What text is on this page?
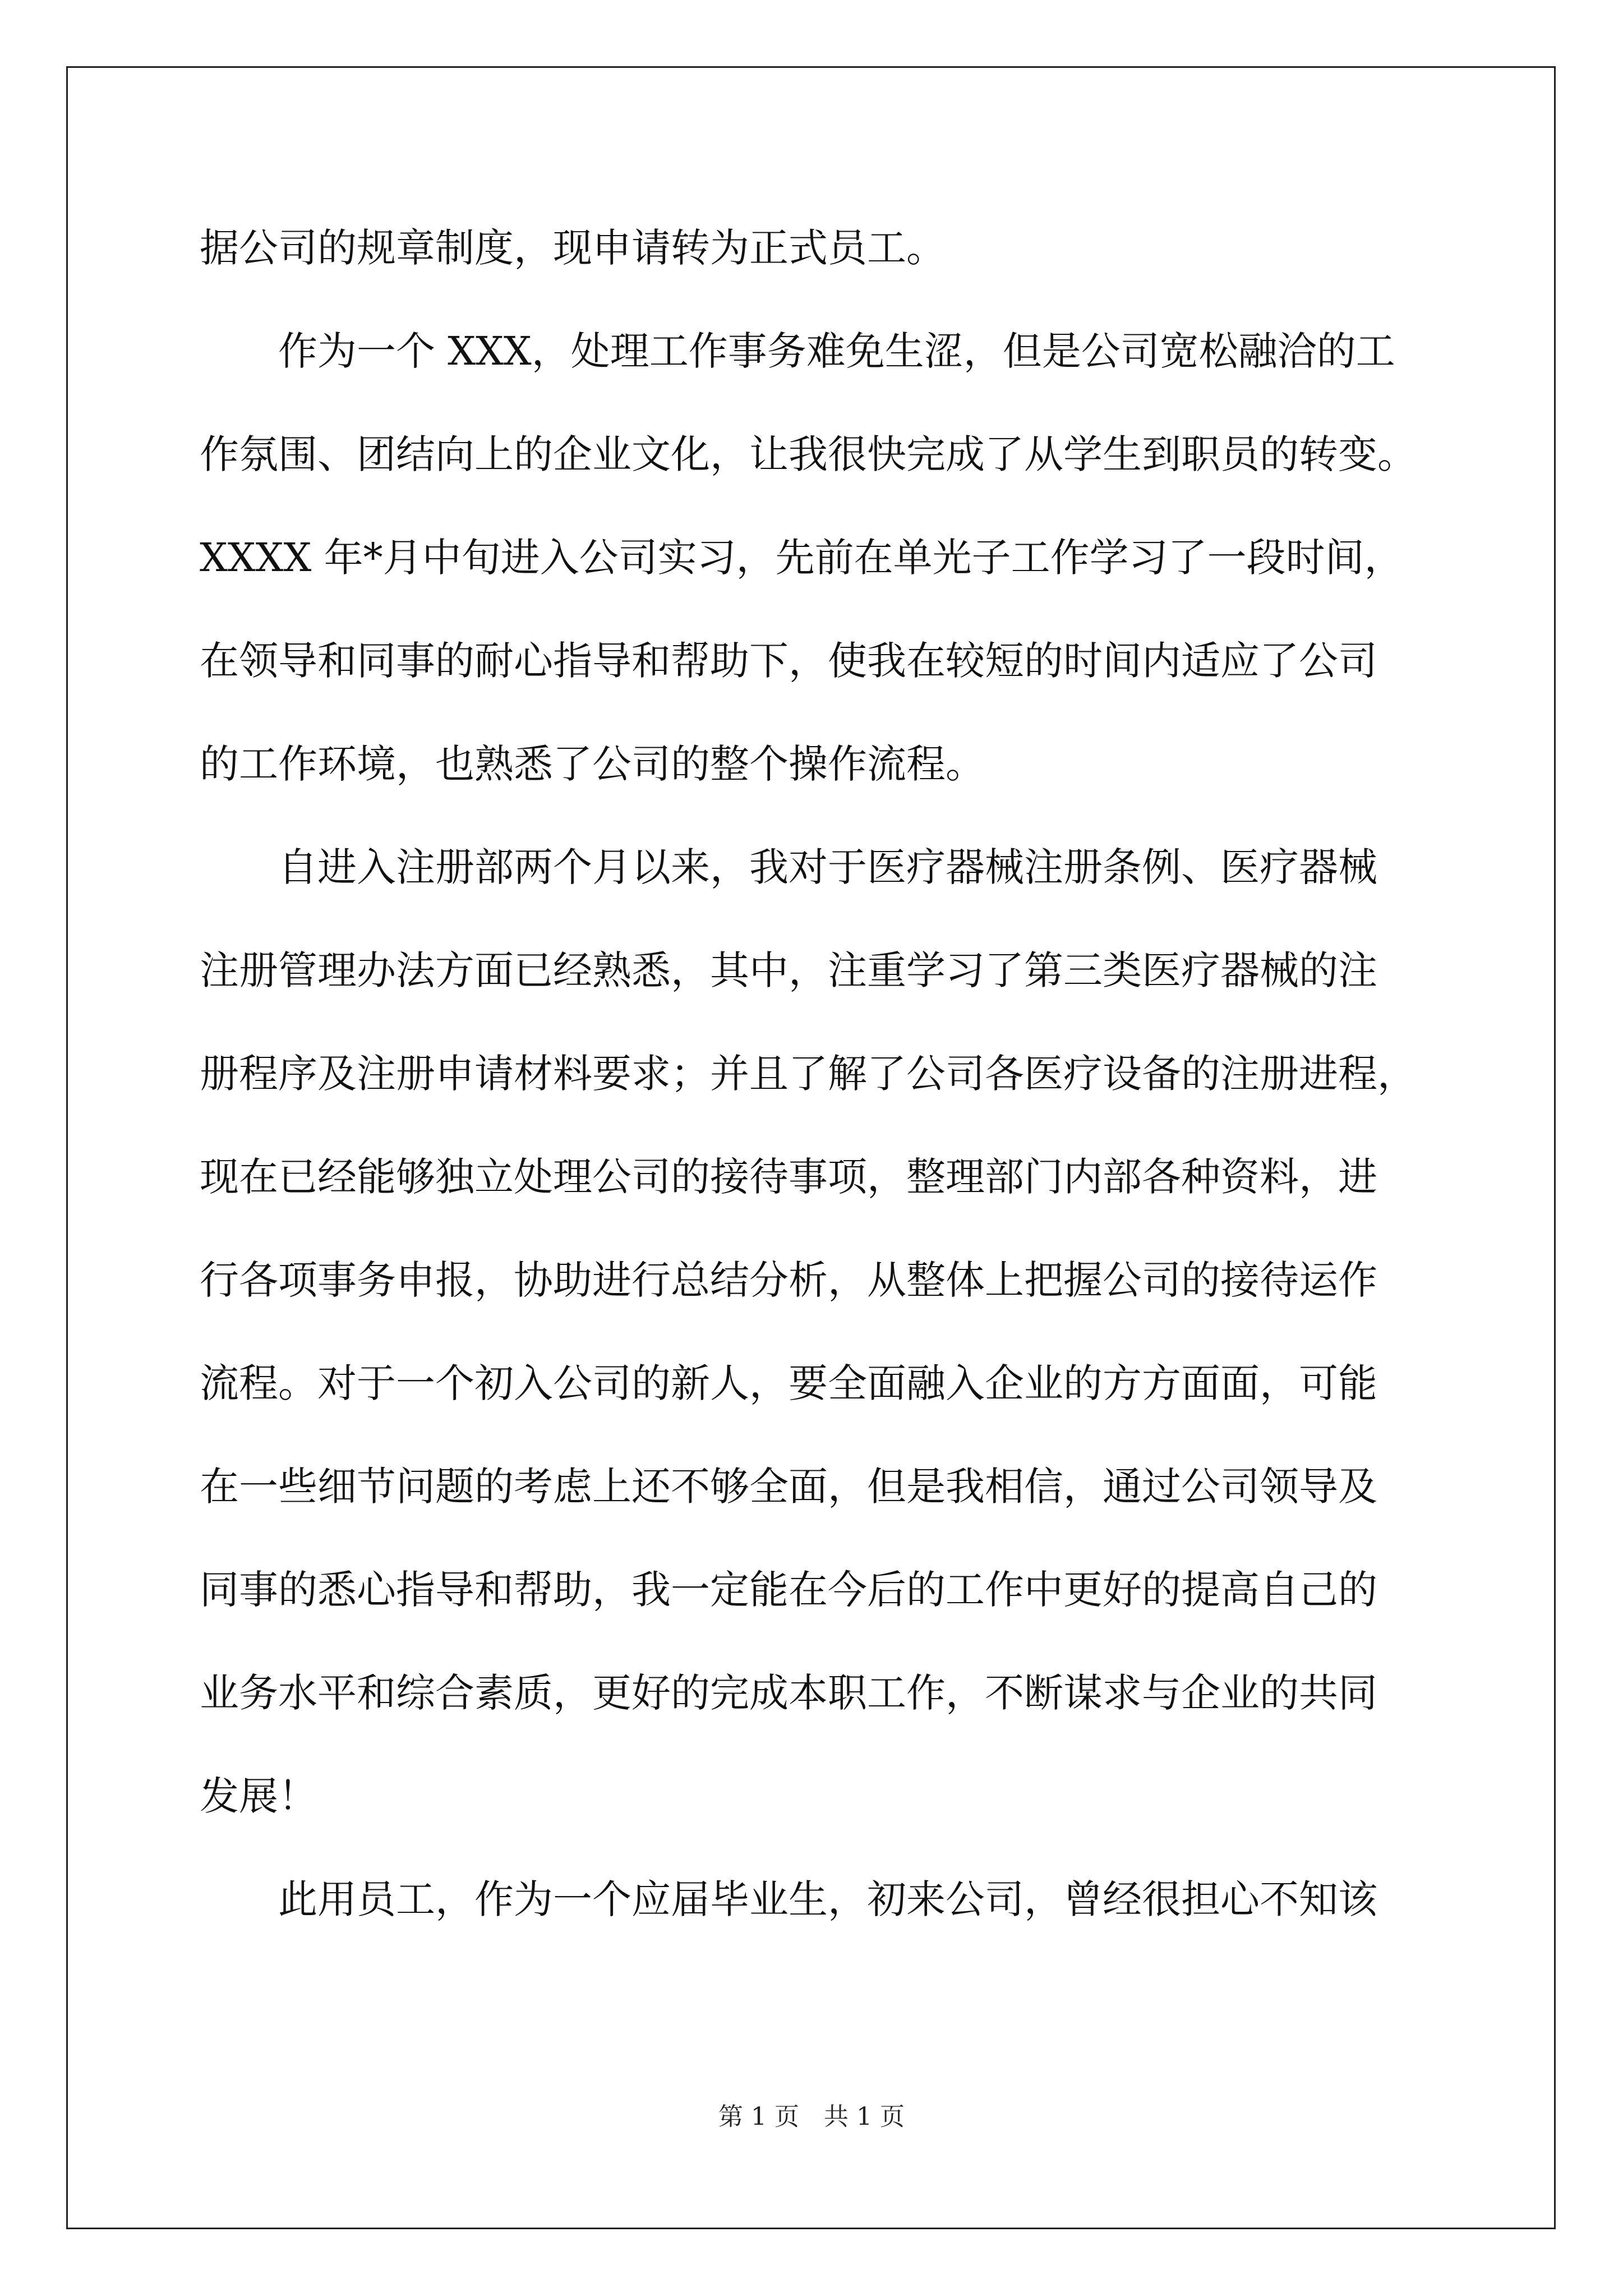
据公司的规章制度，现申请转为正式员工。
　　作为一个 XXX，处理工作事务难免生涩，但是公司宽松融洽的工
作氛围、团结向上的企业文化，让我很快完成了从学生到职员的转变。
XXXX 年*月中旬进入公司实习，先前在单光子工作学习了一段时间，
在领导和同事的耐心指导和帮助下，使我在较短的时间内适应了公司
的工作环境，也熟悉了公司的整个操作流程。
　　自进入注册部两个月以来，我对于医疗器械注册条例、医疗器械
注册管理办法方面已经熟悉，其中，注重学习了第三类医疗器械的注
册程序及注册申请材料要求；并且了解了公司各医疗设备的注册进程，
现在已经能够独立处理公司的接待事项，整理部门内部各种资料，进
行各项事务申报，协助进行总结分析，从整体上把握公司的接待运作
流程。对于一个初入公司的新人，要全面融入企业的方方面面，可能
在一些细节问题的考虑上还不够全面，但是我相信，通过公司领导及
同事的悉心指导和帮助，我一定能在今后的工作中更好的提高自己的
业务水平和综合素质，更好的完成本职工作，不断谋求与企业的共同
发展！
　　此用员工，作为一个应届毕业生，初来公司，曾经很担心不知该
第 1 页　共 1 页
